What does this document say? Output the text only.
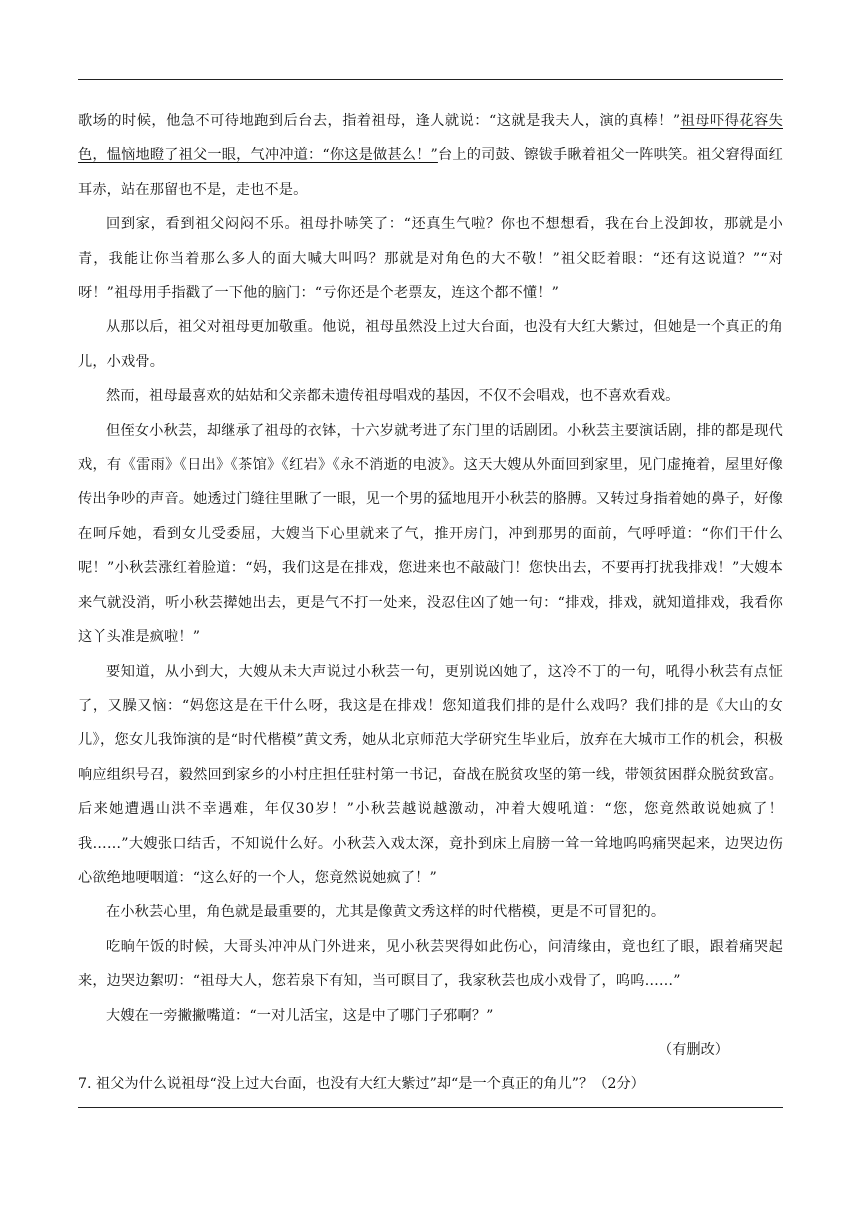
歌场的时候，他急不可待地跑到后台去，指着祖母，逢人就说：“这就是我夫人，演的真棒！”祖母吓得花容失色，愠恼地瞪了祖父一眼，气冲冲道：“你这是做甚么！”台上的司鼓、镲钹手瞅着祖父一阵哄笑。祖父窘得面红耳赤，站在那留也不是，走也不是。

回到家，看到祖父闷闷不乐。祖母扑哧笑了：“还真生气啦？你也不想想看，我在台上没卸妆，那就是小青，我能让你当着那么多人的面大喊大叫吗？那就是对角色的大不敬！”祖父眨着眼：“还有这说道？”“对呀！”祖母用手指戳了一下他的脑门：“亏你还是个老票友，连这个都不懂！”

从那以后，祖父对祖母更加敬重。他说，祖母虽然没上过大台面，也没有大红大紫过，但她是一个真正的角儿，小戏骨。

然而，祖母最喜欢的姑姑和父亲都未遗传祖母唱戏的基因，不仅不会唱戏，也不喜欢看戏。

但侄女小秋芸，却继承了祖母的衣钵，十六岁就考进了东门里的话剧团。小秋芸主要演话剧，排的都是现代戏，有《雷雨》《日出》《茶馆》《红岩》《永不消逝的电波》。这天大嫂从外面回到家里，见门虚掩着，屋里好像传出争吵的声音。她透过门缝往里瞅了一眼，见一个男的猛地甩开小秋芸的胳膊。又转过身指着她的鼻子，好像在呵斥她，看到女儿受委屈，大嫂当下心里就来了气，推开房门，冲到那男的面前，气呼呼道：“你们干什么呢！”小秋芸涨红着脸道：“妈，我们这是在排戏，您进来也不敲敲门！您快出去，不要再打扰我排戏！”大嫂本来气就没消，听小秋芸撵她出去，更是气不打一处来，没忍住凶了她一句：“排戏，排戏，就知道排戏，我看你这丫头准是疯啦！”

要知道，从小到大，大嫂从未大声说过小秋芸一句，更别说凶她了，这冷不丁的一句，吼得小秋芸有点怔了，又臊又恼：“妈您这是在干什么呀，我这是在排戏！您知道我们排的是什么戏吗？我们排的是《大山的女儿》，您女儿我饰演的是“时代楷模”黄文秀，她从北京师范大学研究生毕业后，放弃在大城市工作的机会，积极响应组织号召，毅然回到家乡的小村庄担任驻村第一书记，奋战在脱贫攻坚的第一线，带领贫困群众脱贫致富。后来她遭遇山洪不幸遇难，年仅30岁！”小秋芸越说越激动，冲着大嫂吼道：“您，您竟然敢说她疯了！我……”大嫂张口结舌，不知说什么好。小秋芸入戏太深，竟扑到床上肩膀一耸一耸地呜呜痛哭起来，边哭边伤心欲绝地哽咽道：“这么好的一个人，您竟然说她疯了！”

在小秋芸心里，角色就是最重要的，尤其是像黄文秀这样的时代楷模，更是不可冒犯的。

吃晌午饭的时候，大哥头冲冲从门外进来，见小秋芸哭得如此伤心，问清缘由，竟也红了眼，跟着痛哭起来，边哭边絮叨：“祖母大人，您若泉下有知，当可瞑目了，我家秋芸也成小戏骨了，呜呜……”

大嫂在一旁撇撇嘴道：“一对儿活宝，这是中了哪门子邪啊？”

（有删改）

7. 祖父为什么说祖母“没上过大台面，也没有大红大紫过”却“是一个真正的角儿”？（2分）
